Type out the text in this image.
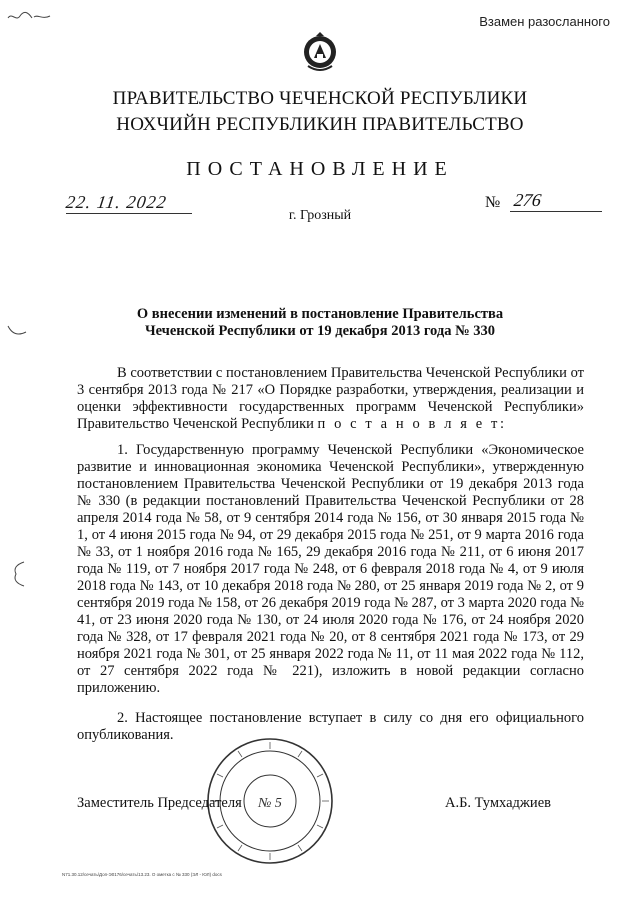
Взамен разосланного
ПРАВИТЕЛЬСТВО ЧЕЧЕНСКОЙ РЕСПУБЛИКИ
НОХЧИЙН РЕСПУБЛИКИН ПРАВИТЕЛЬСТВО
ПОСТАНОВЛЕНИЕ
22. 11. 2022	№ 276
г. Грозный
О внесении изменений в постановление Правительства
Чеченской Республики от 19 декабря 2013 года № 330

В соответствии с постановлением Правительства Чеченской Республики от 3 сентября 2013 года № 217 «О Порядке разработки, утверждения, реализации и оценки эффективности государственных программ Чеченской Республики» Правительство Чеченской Республики п о с т а н о в л я е т:

1. Государственную программу Чеченской Республики «Экономическое развитие и инновационная экономика Чеченской Республики», утвержденную постановлением Правительства Чеченской Республики от 19 декабря 2013 года № 330 (в редакции постановлений Правительства Чеченской Республики от 28 апреля 2014 года № 58, от 9 сентября 2014 года № 156, от 30 января 2015 года № 1, от 4 июня 2015 года № 94, от 29 декабря 2015 года № 251, от 9 марта 2016 года № 33, от 1 ноября 2016 года № 165, 29 декабря 2016 года № 211, от 6 июня 2017 года № 119, от 7 ноября 2017 года № 248, от 6 февраля 2018 года № 4, от 9 июля 2018 года № 143, от 10 декабря 2018 года № 280, от 25 января 2019 года № 2, от 9 сентября 2019 года № 158, от 26 декабря 2019 года № 287, от 3 марта 2020 года № 41, от 23 июня 2020 года № 130, от 24 июля 2020 года № 176, от 24 ноября 2020 года № 328, от 17 февраля 2021 года № 20, от 8 сентября 2021 года № 173, от 29 ноября 2021 года № 301, от 25 января 2022 года № 11, от 11 мая 2022 года № 112, от 27 сентября 2022 года № 221), изложить в новой редакции согласно приложению.

2. Настоящее постановление вступает в силу со дня его официального опубликования.

№ 5
Заместитель Председателя	А.Б. Тумхаджиев
N71.30.12/сечать/Доп-Э0176/сечать/13.23. О ометка с № 330 (ЭЛ - ЮЛ) docs
